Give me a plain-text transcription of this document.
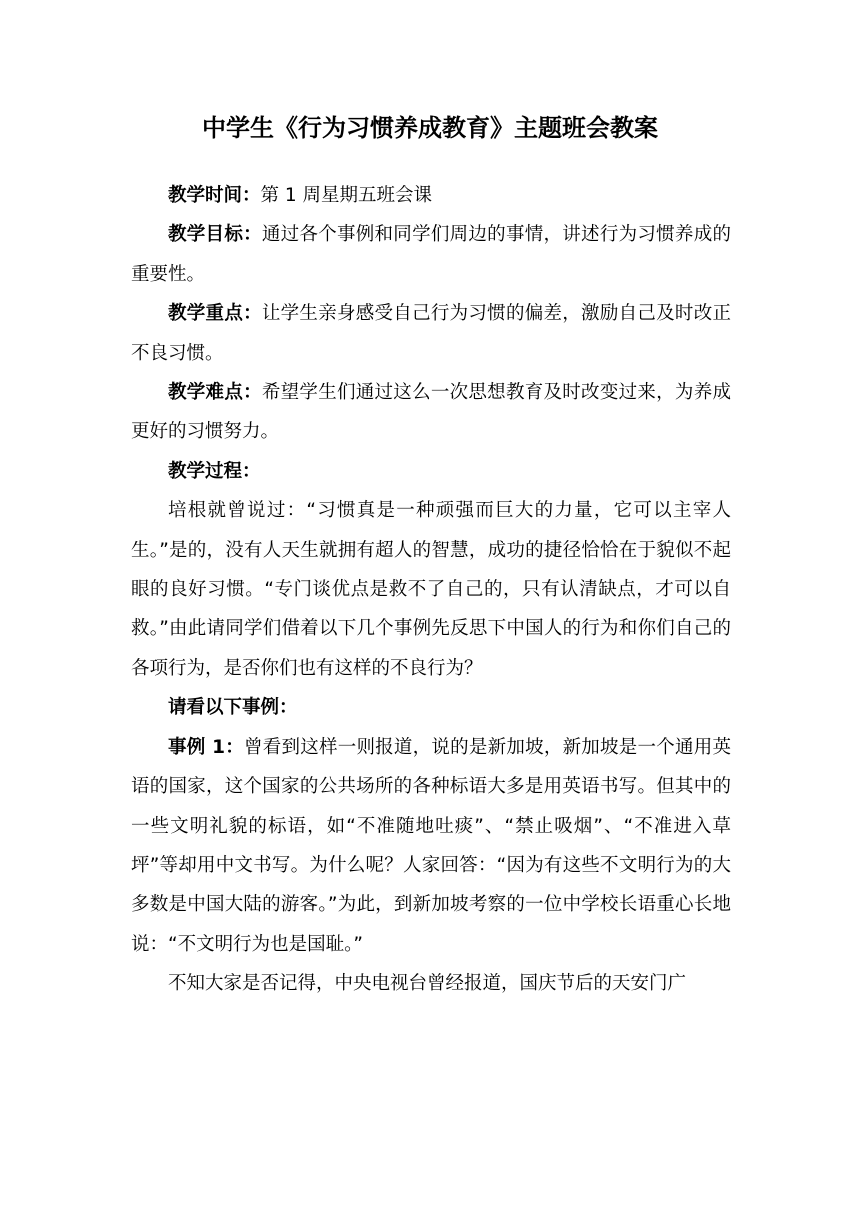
中学生《行为习惯养成教育》主题班会教案

教学时间：第 1 周星期五班会课

教学目标：通过各个事例和同学们周边的事情，讲述行为习惯养成的重要性。

教学重点：让学生亲身感受自己行为习惯的偏差，激励自己及时改正不良习惯。

教学难点：希望学生们通过这么一次思想教育及时改变过来，为养成更好的习惯努力。

教学过程：

培根就曾说过：“习惯真是一种顽强而巨大的力量，它可以主宰人生。”是的，没有人天生就拥有超人的智慧，成功的捷径恰恰在于貌似不起眼的良好习惯。“专门谈优点是救不了自己的，只有认清缺点，才可以自救。”由此请同学们借着以下几个事例先反思下中国人的行为和你们自己的各项行为，是否你们也有这样的不良行为？

请看以下事例：

事例 1：曾看到这样一则报道，说的是新加坡，新加坡是一个通用英语的国家，这个国家的公共场所的各种标语大多是用英语书写。但其中的一些文明礼貌的标语，如“不准随地吐痰”、“禁止吸烟”、“不准进入草坪”等却用中文书写。为什么呢？人家回答：“因为有这些不文明行为的大多数是中国大陆的游客。”为此，到新加坡考察的一位中学校长语重心长地说：“不文明行为也是国耻。”

不知大家是否记得，中央电视台曾经报道，国庆节后的天安门广
